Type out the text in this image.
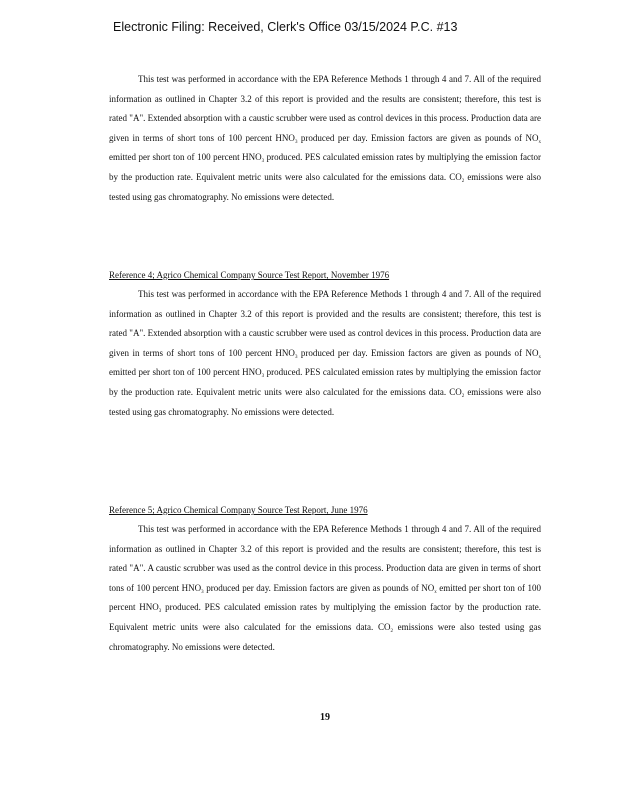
Electronic Filing: Received, Clerk's Office 03/15/2024 P.C. #13

This test was performed in accordance with the EPA Reference Methods 1 through 4 and 7. All of the required information as outlined in Chapter 3.2 of this report is provided and the results are consistent; therefore, this test is rated "A". Extended absorption with a caustic scrubber were used as control devices in this process. Production data are given in terms of short tons of 100 percent $HNO_3$ produced per day. Emission factors are given as pounds of $NO_x$ emitted per short ton of 100 percent $HNO_3$ produced. PES calculated emission rates by multiplying the emission factor by the production rate. Equivalent metric units were also calculated for the emissions data. $CO_2$ emissions were also tested using gas chromatography. No emissions were detected.

Reference 4; Agrico Chemical Company Source Test Report, November 1976

This test was performed in accordance with the EPA Reference Methods 1 through 4 and 7. All of the required information as outlined in Chapter 3.2 of this report is provided and the results are consistent; therefore, this test is rated "A". Extended absorption with a caustic scrubber were used as control devices in this process. Production data are given in terms of short tons of 100 percent $HNO_3$ produced per day. Emission factors are given as pounds of $NO_x$ emitted per short ton of 100 percent $HNO_3$ produced. PES calculated emission rates by multiplying the emission factor by the production rate. Equivalent metric units were also calculated for the emissions data. $CO_2$ emissions were also tested using gas chromatography. No emissions were detected.

Reference 5; Agrico Chemical Company Source Test Report, June 1976

This test was performed in accordance with the EPA Reference Methods 1 through 4 and 7. All of the required information as outlined in Chapter 3.2 of this report is provided and the results are consistent; therefore, this test is rated "A". A caustic scrubber was used as the control device in this process. Production data are given in terms of short tons of 100 percent $HNO_3$ produced per day. Emission factors are given as pounds of $NO_x$ emitted per short ton of 100 percent $HNO_3$ produced. PES calculated emission rates by multiplying the emission factor by the production rate. Equivalent metric units were also calculated for the emissions data. $CO_2$ emissions were also tested using gas chromatography. No emissions were detected.

19
